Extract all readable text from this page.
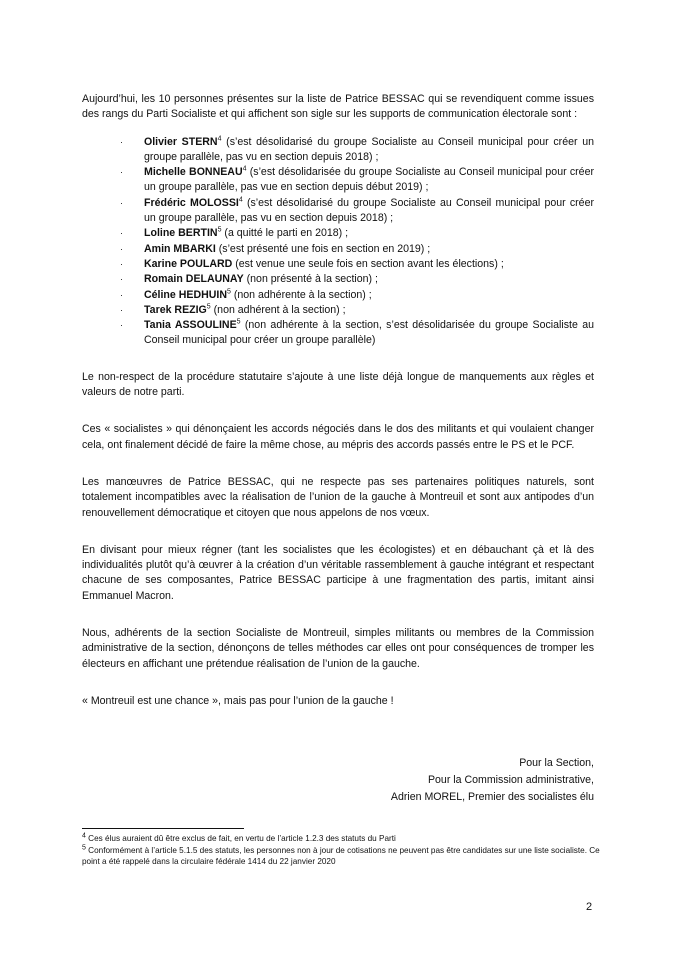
Aujourd’hui, les 10 personnes présentes sur la liste de Patrice BESSAC qui se revendiquent comme issues des rangs du Parti Socialiste et qui affichent son sigle sur les supports de communication électorale sont :

· Olivier STERN$^4$ (s’est désolidarisé du groupe Socialiste au Conseil municipal pour créer un groupe parallèle, pas vu en section depuis 2018) ;
· Michelle BONNEAU$^4$ (s’est désolidarisée du groupe Socialiste au Conseil municipal pour créer un groupe parallèle, pas vue en section depuis début 2019) ;
· Frédéric MOLOSSI$^4$ (s’est désolidarisé du groupe Socialiste au Conseil municipal pour créer un groupe parallèle, pas vu en section depuis 2018) ;
· Loline BERTIN$^5$ (a quitté le parti en 2018) ;
· Amin MBARKI (s’est présenté une fois en section en 2019) ;
· Karine POULARD (est venue une seule fois en section avant les élections) ;
· Romain DELAUNAY (non présenté à la section) ;
· Céline HEDHUIN$^5$ (non adhérente à la section) ;
· Tarek REZIG$^5$ (non adhérent à la section) ;
· Tania ASSOULINE$^5$ (non adhérente à la section, s’est désolidarisée du groupe Socialiste au Conseil municipal pour créer un groupe parallèle)

Le non-respect de la procédure statutaire s’ajoute à une liste déjà longue de manquements aux règles et valeurs de notre parti.

Ces « socialistes » qui dénonçaient les accords négociés dans le dos des militants et qui voulaient changer cela, ont finalement décidé de faire la même chose, au mépris des accords passés entre le PS et le PCF.

Les manœuvres de Patrice BESSAC, qui ne respecte pas ses partenaires politiques naturels, sont totalement incompatibles avec la réalisation de l’union de la gauche à Montreuil et sont aux antipodes d’un renouvellement démocratique et citoyen que nous appelons de nos vœux.

En divisant pour mieux régner (tant les socialistes que les écologistes) et en débauchant çà et là des individualités plutôt qu’à œuvrer à la création d’un véritable rassemblement à gauche intégrant et respectant chacune de ses composantes, Patrice BESSAC participe à une fragmentation des partis, imitant ainsi Emmanuel Macron.

Nous, adhérents de la section Socialiste de Montreuil, simples militants ou membres de la Commission administrative de la section, dénonçons de telles méthodes car elles ont pour conséquences de tromper les électeurs en affichant une prétendue réalisation de l’union de la gauche.

« Montreuil est une chance », mais pas pour l’union de la gauche !

Pour la Section,
Pour la Commission administrative,
Adrien MOREL, Premier des socialistes élu

$^4$ Ces élus auraient dû être exclus de fait, en vertu de l’article 1.2.3 des statuts du Parti

$^5$ Conformément à l’article 5.1.5 des statuts, les personnes non à jour de cotisations ne peuvent pas être candidates sur une liste socialiste. Ce point a été rappelé dans la circulaire fédérale 1414 du 22 janvier 2020

2
